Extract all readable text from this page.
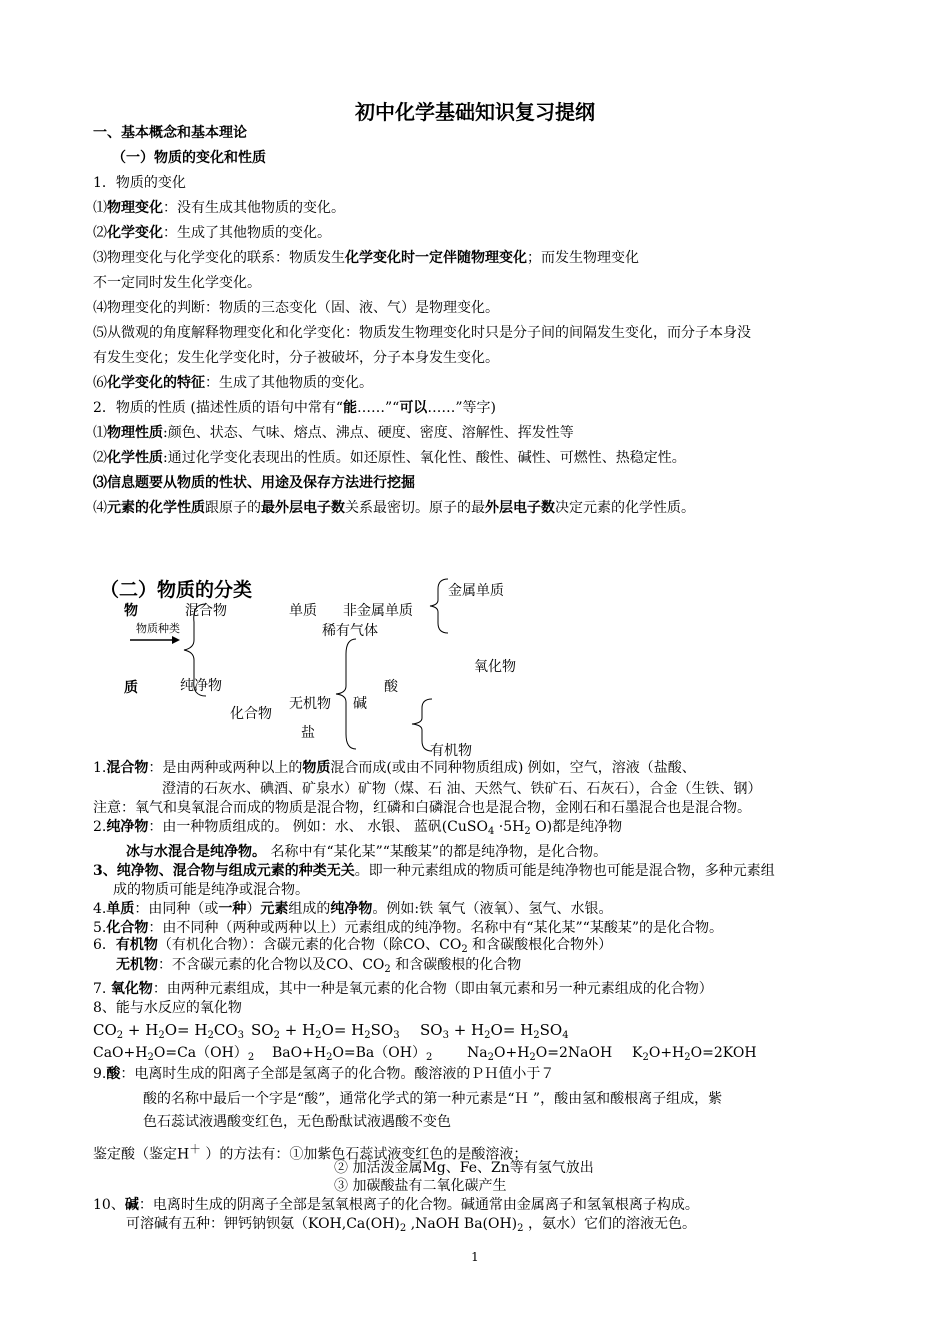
初中化学基础知识复习提纲
一、基本概念和基本理论
（一）物质的变化和性质
1．物质的变化
⑴物理变化：没有生成其他物质的变化。
⑵化学变化：生成了其他物质的变化。
⑶物理变化与化学变化的联系：物质发生化学变化时一定伴随物理变化；而发生物理变化
不一定同时发生化学变化。
⑷物理变化的判断：物质的三态变化（固、液、气）是物理变化。
⑸从微观的角度解释物理变化和化学变化：物质发生物理变化时只是分子间的间隔发生变化，而分子本身没
有发生变化；发生化学变化时，分子被破坏，分子本身发生变化。
⑹化学变化的特征：生成了其他物质的变化。
2．物质的性质 (描述性质的语句中常有“能……”“可以……”等字)
⑴物理性质:颜色、状态、气味、熔点、沸点、硬度、密度、溶解性、挥发性等
⑵化学性质:通过化学变化表现出的性质。如还原性、氧化性、酸性、碱性、可燃性、热稳定性。
⑶信息题要从物质的性状、用途及保存方法进行挖掘
⑷元素的化学性质跟原子的最外层电子数关系最密切。原子的最外层电子数决定元素的化学性质。
（二）物质的分类
物
质
物质种类
混合物
纯净物
单质 非金属单质
稀有气体
金属单质
化合物
无机物
盐
碱
酸
氧化物
有机物
1.混合物：是由两种或两种以上的物质混合而成(或由不同种物质组成) 例如，空气，溶液（盐酸、
澄清的石灰水、碘酒、矿泉水）矿物（煤、石 油、天然气、铁矿石、石灰石），合金（生铁、钢）
注意：氧气和臭氧混合而成的物质是混合物，红磷和白磷混合也是混合物，金刚石和石墨混合也是混合物。
2.纯净物：由一种物质组成的。 例如：水、 水银、 蓝矾(CuSO$_4$ $\cdot 5H_2$ O)都是纯净物
冰与水混合是纯净物。 名称中有“某化某”“某酸某”的都是纯净物，是化合物。
3、纯净物、混合物与组成元素的种类无关。即一种元素组成的物质可能是纯净物也可能是混合物，多种元素组
成的物质可能是纯净或混合物。
4.单质：由同种（或一种）元素组成的纯净物。例如:铁 氧气（液氧）、氢气、水银。
5.化合物：由不同种（两种或两种以上）元素组成的纯净物。名称中有“某化某”“某酸某”的是化合物。
6．有机物（有机化合物）：含碳元素的化合物（除CO、$CO_2$ 和含碳酸根化合物外）
无机物：不含碳元素的化合物以及CO、$CO_2$ 和含碳酸根的化合物
7. 氧化物：由两种元素组成，其中一种是氧元素的化合物（即由氧元素和另一种元素组成的化合物）
8、能与水反应的氧化物
$CO_2 + H_2O= H_2CO_3$ $SO_2 + H_2O= H_2SO_3$ $SO_3 + H_2O= H_2SO_4$
$CaO+H_2O=Ca(OH)_2$ $BaO+H_2O=Ba(OH)_2$ $Na_2O+H_2O=2NaOH$ $K_2O+H_2O=2KOH$
9.酸：电离时生成的阳离子全部是氢离子的化合物。酸溶液的ＰＨ值小于７
酸的名称中最后一个字是“酸”，通常化学式的第一种元素是“Ｈ ”，酸由氢和酸根离子组成，紫
色石蕊试液遇酸变红色，无色酚酞试液遇酸不变色
鉴定酸（鉴定H＋ ）的方法有：①加紫色石蕊试液变红色的是酸溶液；
② 加活泼金属Mg、Fe、Zn等有氢气放出
③ 加碳酸盐有二氧化碳产生
10、碱：电离时生成的阴离子全部是氢氧根离子的化合物。碱通常由金属离子和氢氧根离子构成。
可溶碱有五种：钾钙钠钡氨（$KOH,Ca(OH)_2$ ,NaOH $Ba(OH)_2$ ，氨水）它们的溶液无色。
1
